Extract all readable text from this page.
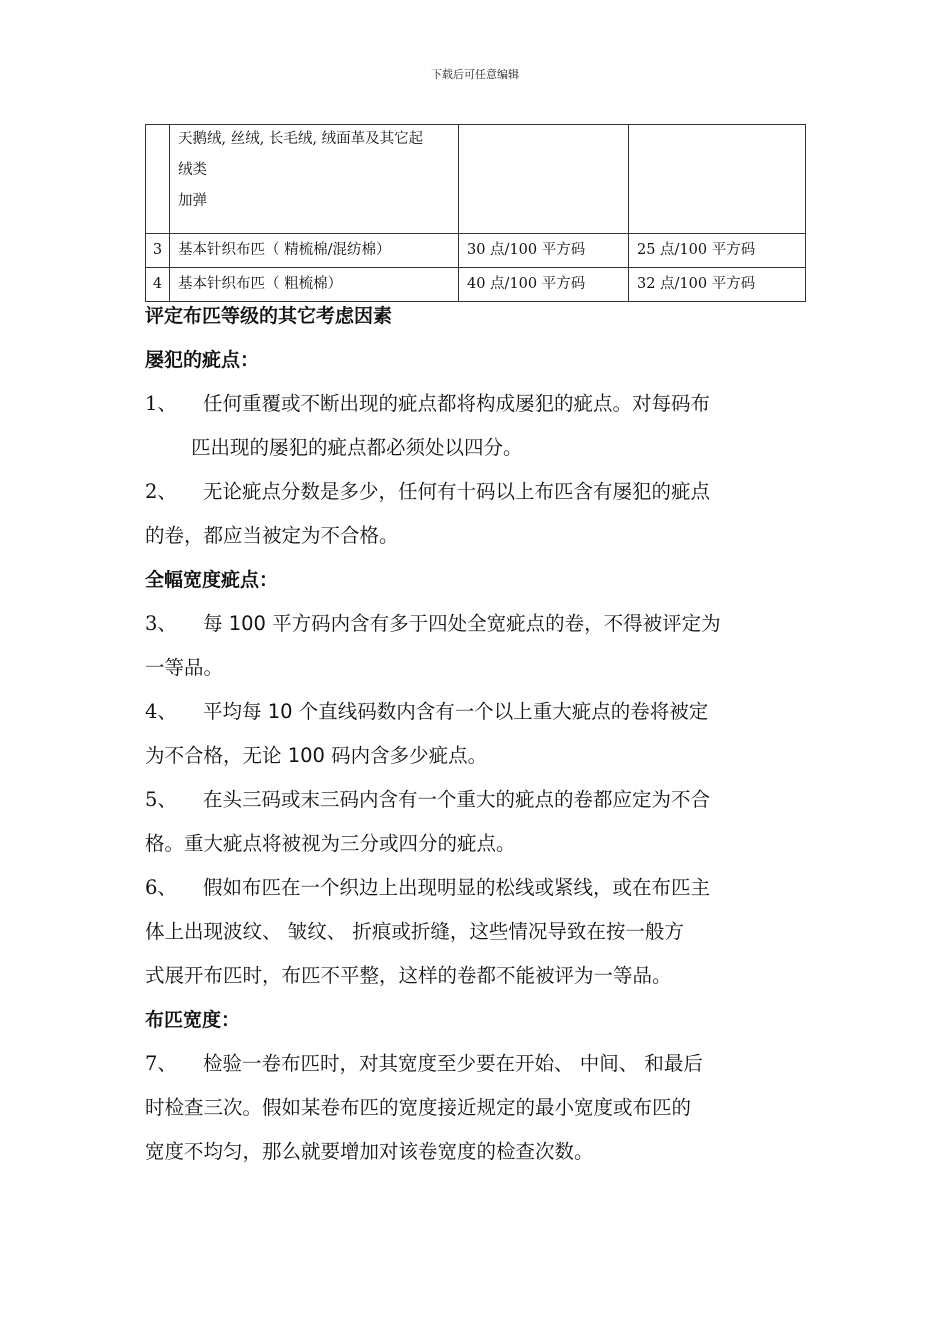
下载后可任意编辑

	天鹅绒, 丝绒, 长毛绒, 绒面革及其它起
绒类
加弹		

3	基本针织布匹（ 精梳棉/混纺棉）	30 点/100 平方码	25 点/100 平方码
4	基本针织布匹（ 粗梳棉）	40 点/100 平方码	32 点/100 平方码
评定布匹等级的其它考虑因素
屡犯的疵点：
1、 任何重覆或不断出现的疵点都将构成屡犯的疵点。对每码布
匹出现的屡犯的疵点都必须处以四分。
2、 无论疵点分数是多少，任何有十码以上布匹含有屡犯的疵点
的卷，都应当被定为不合格。
全幅宽度疵点：
3、 每 100 平方码内含有多于四处全宽疵点的卷，不得被评定为
一等品。
4、 平均每 10 个直线码数内含有一个以上重大疵点的卷将被定
为不合格，无论 100 码内含多少疵点。
5、 在头三码或末三码内含有一个重大的疵点的卷都应定为不合
格。重大疵点将被视为三分或四分的疵点。
6、 假如布匹在一个织边上出现明显的松线或紧线，或在布匹主
体上出现波纹、 皱纹、 折痕或折缝，这些情况导致在按一般方
式展开布匹时，布匹不平整，这样的卷都不能被评为一等品。
布匹宽度：
7、 检验一卷布匹时，对其宽度至少要在开始、 中间、 和最后
时检查三次。假如某卷布匹的宽度接近规定的最小宽度或布匹的
宽度不均匀，那么就要增加对该卷宽度的检查次数。
